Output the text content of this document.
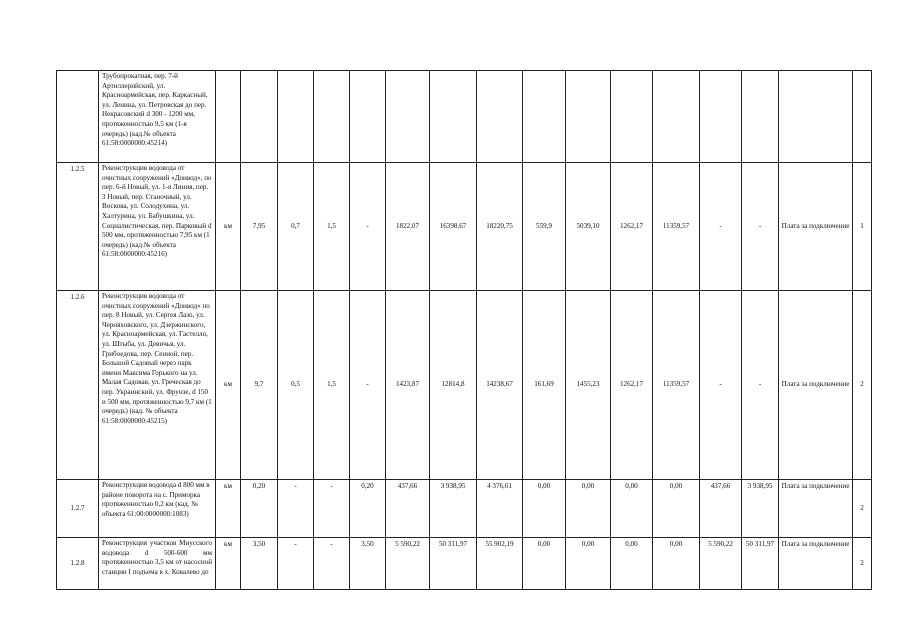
	Трубопрокатная, пер. 7-й Артиллерийский, ул. Красноармейская, пер. Каркасный, ул. Ленина, ул. Петровская до пер. Некрасовский d 300 - 1200 мм, протяженностью 9,5 км (1-я очередь) (кад.№ объекта 61:58:0000000:45214)																
1.2.5	Реконструкция водовода от очистных сооружений «Донвод», по пер. 6-й Новый, ул. 1-я Линия, пер. 3 Новый, пер. Станочный, ул. Воскова, ул. Солодухина, ул. Халтурина, ул. Бабушкина, ул. Социалистическая, пер. Парковый d 500 мм, протяженностью 7,95 км (1 очередь) (кад.№ объекта 61:58:0000000:45216)	км	7,95	0,7	1,5	-	1822,07	16398,67	18220,75	559,9	5039,10	1262,17	11359,57	-	-	Плата за подключение	1
1.2.6	Реконструкция водовода от очистных сооружений «Донвод» по пер. 8 Новый, ул. Сергея Лазо, ул. Черняховского, ул. Дзержинского, ул. Красноармейская, ул. Гастелло, ул. Штыба, ул. Девичья, ул. Грибоедова, пер. Сенной, пер. Большой Садовый через парк имени Максима Горького на ул. Малая Садовая, ул. Греческая до пер. Украинский, ул. Фрунзе, d 150 и 500 мм, протяженностью 9,7 км (1 очередь) (кад. № объекта 61:58:0000000:45215)	км	9,7	0,5	1,5	-	1423,87	12814,8	14238,67	161,69	1455,23	1262,17	11359,57	-	-	Плата за подключение	2
1.2.7	Реконструкция водовода d 800 мм в районе поворота на с. Приморка протяженностью 0,2 км (кад. № объекта 61:00:0000000:1083)	км	0,20	-	-	0,20	437,66	3 938,95	4 376,61	0,00	0,00	0,00	0,00	437,66	3 938,95	Плата за подключение	2
1.2.8	Реконструкция участков Миусского водовода d 500-600 мм протяженностью 3,5 км от насосной станции I подъема в х. Ковалево до	км	3,50	-	-	3,50	5 590,22	50 311,97	55 902,19	0,00	0,00	0,00	0,00	5 590,22	50 311,97	Плата за подключение	2
